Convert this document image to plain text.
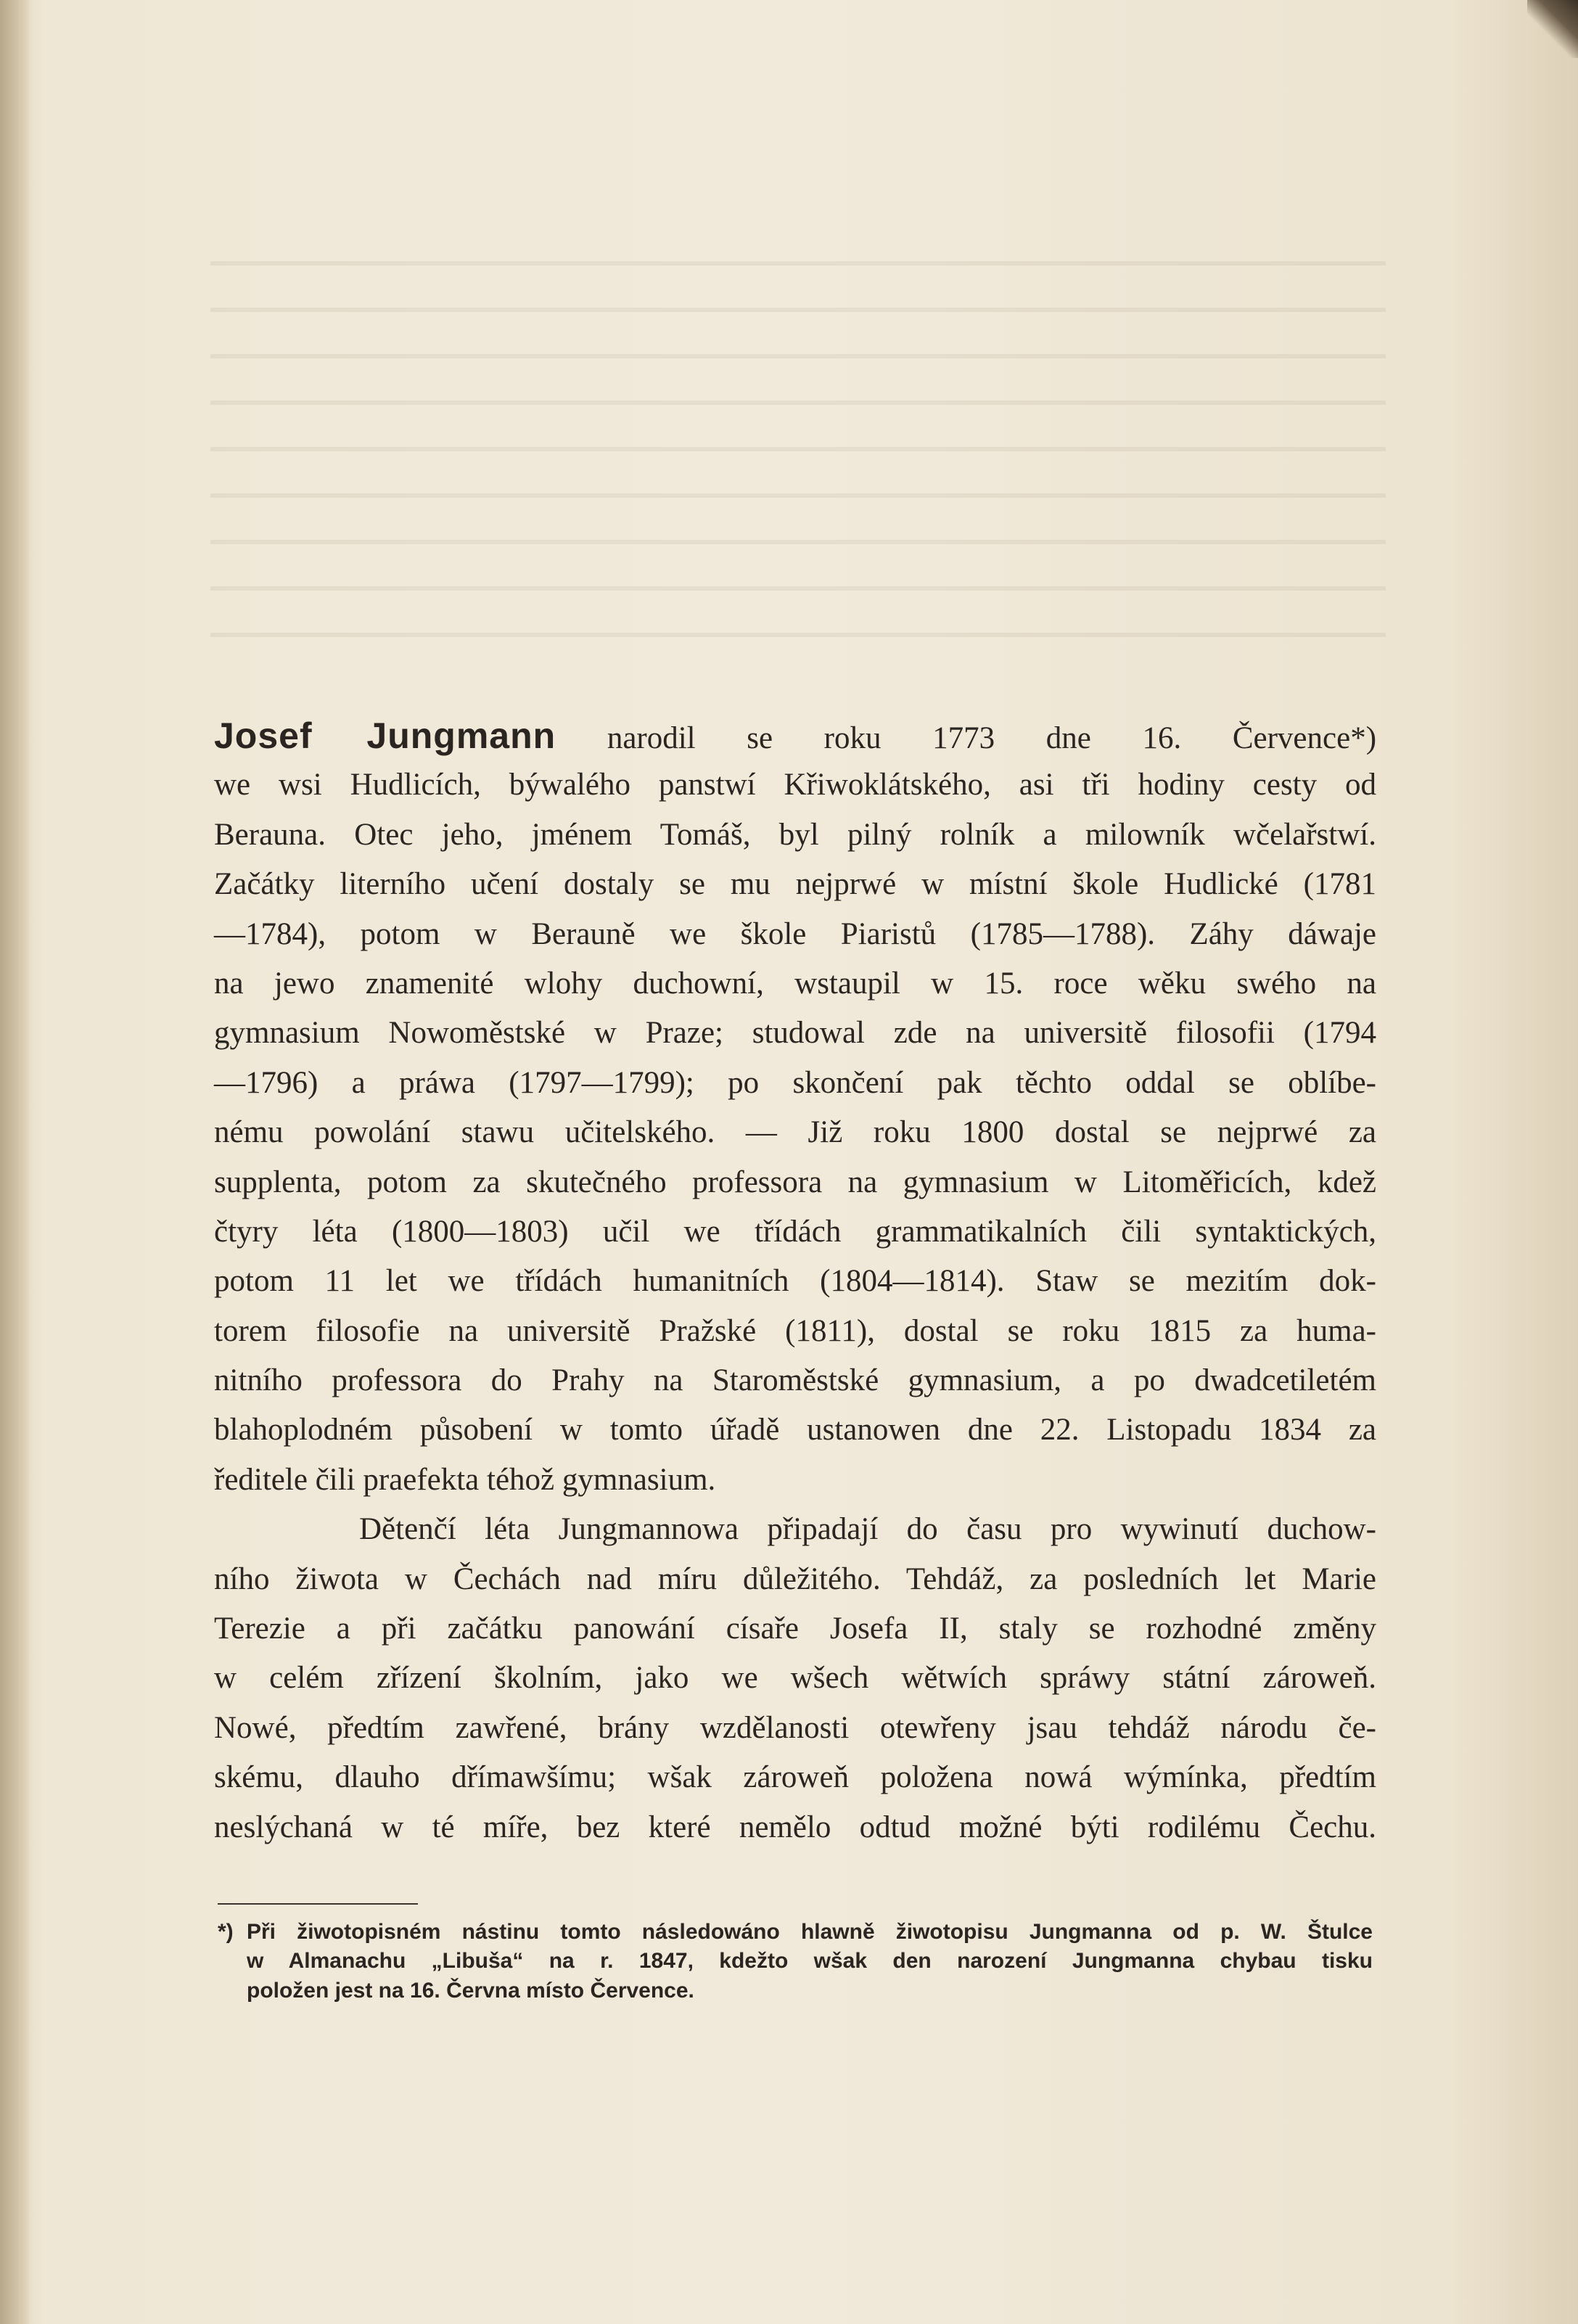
Josef Jungmann narodil se roku 1773 dne 16. Července*)
we wsi Hudlicích, býwalého panstwí Křiwoklátského, asi tři hodiny cesty od
Berauna. Otec jeho, jménem Tomáš, byl pilný rolník a milowník wčelařstwí.
Začátky literního učení dostaly se mu nejprwé w místní škole Hudlické (1781
—1784), potom w Berauně we škole Piaristů (1785—1788). Záhy dáwaje
na jewo znamenité wlohy duchowní, wstaupil w 15. roce wěku swého na
gymnasium Nowoměstské w Praze; studowal zde na universitě filosofii (1794
—1796) a práwa (1797—1799); po skončení pak těchto oddal se oblíbe-
nému powolání stawu učitelského. — Již roku 1800 dostal se nejprwé za
supplenta, potom za skutečného professora na gymnasium w Litoměřicích, kdež
čtyry léta (1800—1803) učil we třídách grammatikalních čili syntaktických,
potom 11 let we třídách humanitních (1804—1814). Staw se mezitím dok-
torem filosofie na universitě Pražské (1811), dostal se roku 1815 za huma-
nitního professora do Prahy na Staroměstské gymnasium, a po dwadcetiletém
blahoplodném působení w tomto úřadě ustanowen dne 22. Listopadu 1834 za
ředitele čili praefekta téhož gymnasium.
Dětenčí léta Jungmannowa připadají do času pro wywinutí duchow-
ního žiwota w Čechách nad míru důležitého. Tehdáž, za posledních let Marie
Terezie a při začátku panowání císaře Josefa II, staly se rozhodné změny
w celém zřízení školním, jako we wšech wětwích spráwy státní zároweň.
Nowé, předtím zawřené, brány wzdělanosti otewřeny jsau tehdáž národu če-
skému, dlauho dřímawšímu; wšak zároweň položena nowá wýmínka, předtím
neslýchaná w té míře, bez které nemělo odtud možné býti rodilému Čechu.
*) Při žiwotopisném nástinu tomto následowáno hlawně žiwotopisu Jungmanna od p. W. Štulce
w Almanachu „Libuša“ na r. 1847, kdežto wšak den narození Jungmanna chybau tisku
položen jest na 16. Června místo Července.
